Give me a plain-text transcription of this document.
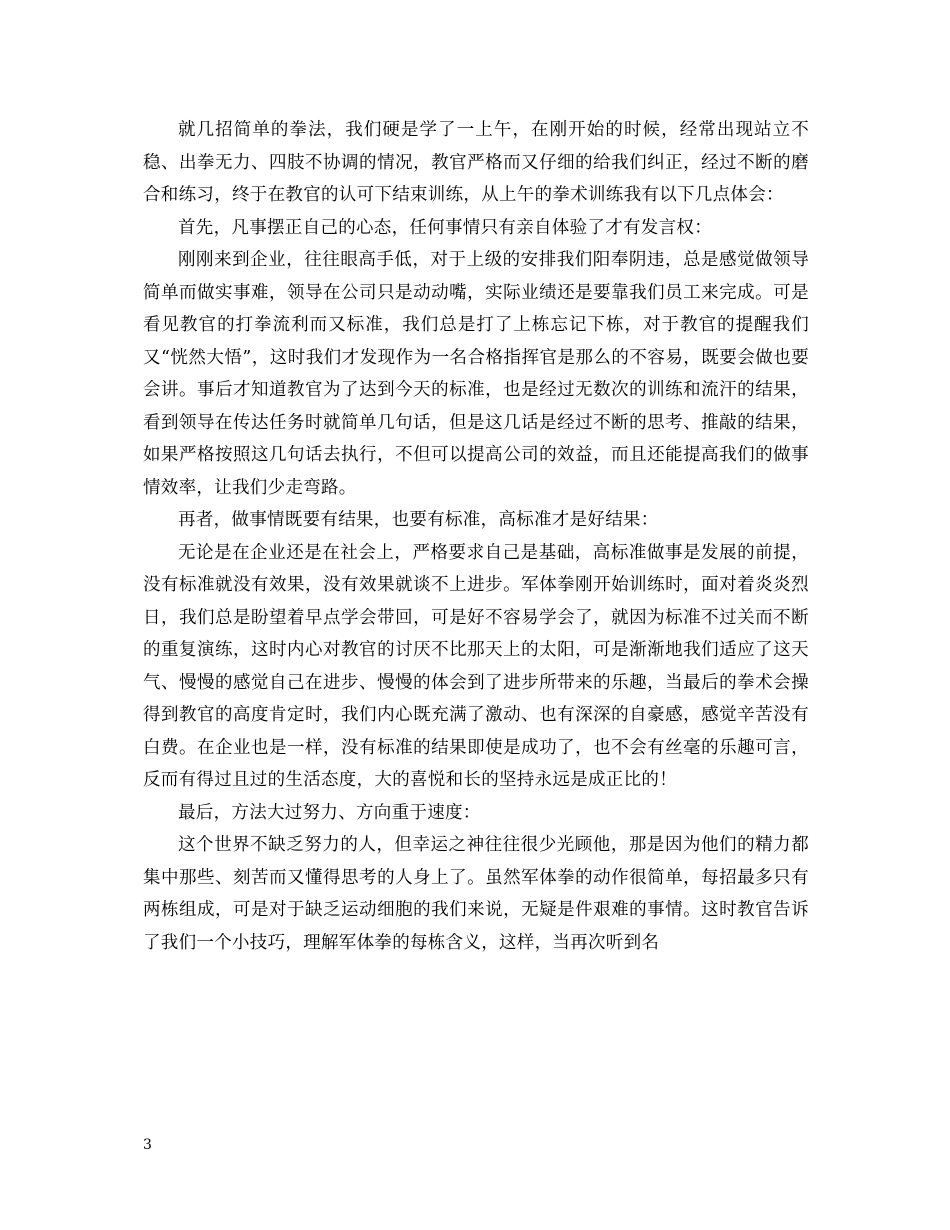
就几招简单的拳法，我们硬是学了一上午，在刚开始的时候，经常出现站立不稳、出拳无力、四肢不协调的情况，教官严格而又仔细的给我们纠正，经过不断的磨合和练习，终于在教官的认可下结束训练，从上午的拳术训练我有以下几点体会：

首先，凡事摆正自己的心态，任何事情只有亲自体验了才有发言权：

刚刚来到企业，往往眼高手低，对于上级的安排我们阳奉阴违，总是感觉做领导简单而做实事难，领导在公司只是动动嘴，实际业绩还是要靠我们员工来完成。可是看见教官的打拳流利而又标准，我们总是打了上栋忘记下栋，对于教官的提醒我们又“恍然大悟”，这时我们才发现作为一名合格指挥官是那么的不容易，既要会做也要会讲。事后才知道教官为了达到今天的标准，也是经过无数次的训练和流汗的结果，看到领导在传达任务时就简单几句话，但是这几话是经过不断的思考、推敲的结果，如果严格按照这几句话去执行，不但可以提高公司的效益，而且还能提高我们的做事情效率，让我们少走弯路。

再者，做事情既要有结果，也要有标准，高标准才是好结果：

无论是在企业还是在社会上，严格要求自己是基础，高标准做事是发展的前提，没有标准就没有效果，没有效果就谈不上进步。军体拳刚开始训练时，面对着炎炎烈日，我们总是盼望着早点学会带回，可是好不容易学会了，就因为标准不过关而不断的重复演练，这时内心对教官的讨厌不比那天上的太阳，可是渐渐地我们适应了这天气、慢慢的感觉自己在进步、慢慢的体会到了进步所带来的乐趣，当最后的拳术会操得到教官的高度肯定时，我们内心既充满了激动、也有深深的自豪感，感觉辛苦没有白费。在企业也是一样，没有标准的结果即使是成功了，也不会有丝毫的乐趣可言，反而有得过且过的生活态度，大的喜悦和长的坚持永远是成正比的！

最后，方法大过努力、方向重于速度：

这个世界不缺乏努力的人，但幸运之神往往很少光顾他，那是因为他们的精力都集中那些、刻苦而又懂得思考的人身上了。虽然军体拳的动作很简单，每招最多只有两栋组成，可是对于缺乏运动细胞的我们来说，无疑是件艰难的事情。这时教官告诉了我们一个小技巧，理解军体拳的每栋含义，这样，当再次听到名

3
